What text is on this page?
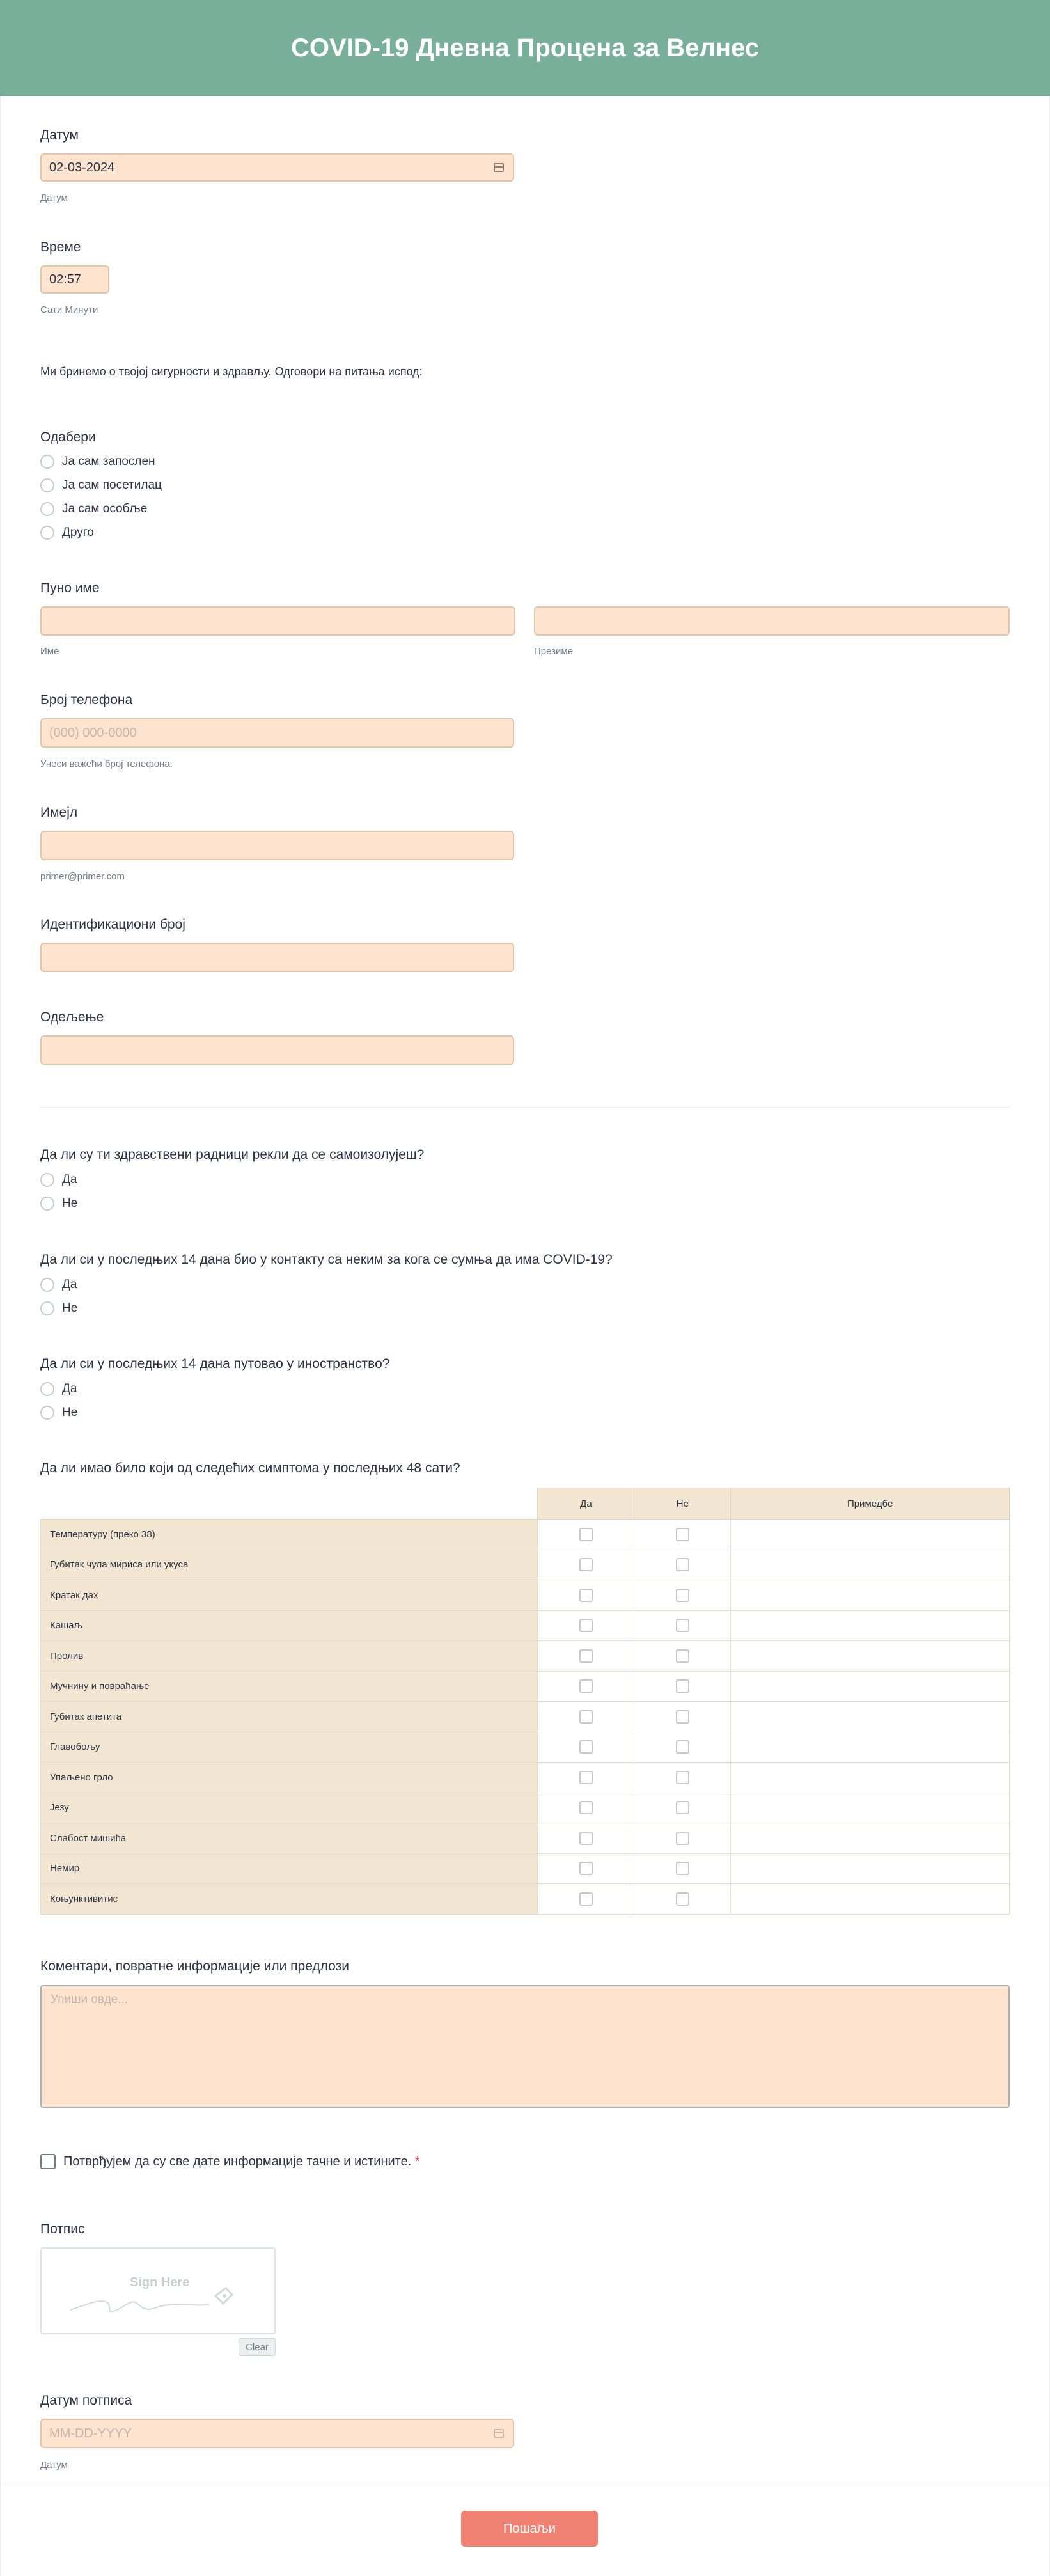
COVID-19 Дневна Процена за Велнес
Датум
02-03-2024
Датум
Време
02:57
Сати Минути
Ми бринемо о твојој сигурности и здрављу. Одговори на питања испод:
Одабери
Ја сам запослен
Ја сам посетилац
Ја сам особље
Друго
Пуно име
Име	Презиме
Број телефона
(000) 000-0000
Унеси важећи број телефона.
Имејл
primer@primer.com
Идентификациони број
Одељење
Да ли су ти здравствени радници рекли да се самоизолујеш?
Да
Не
Да ли си у последњих 14 дана био у контакту са неким за кога се сумња да има COVID-19?
Да
Не
Да ли си у последњих 14 дана путовао у иностранство?
Да
Не
Да ли имао било који од следећих симптома у последњих 48 сати?
	Да	Не	Примедбе
Температуру (преко 38)			
Губитак чула мириса или укуса			
Кратак дах			
Кашаљ			
Пролив			
Мучнину и повраћање			
Губитак апетита			
Главобољу			
Упаљено грло			
Језу			
Слабост мишића			
Немир			
Коњунктивитис			
Коментари, повратне информације или предлози
Упиши овде...
Потврђујем да су све дате информације тачне и истините. *
Потпис
Sign Here
Clear
Датум потписа
MM-DD-YYYY
Датум
Пошаљи
